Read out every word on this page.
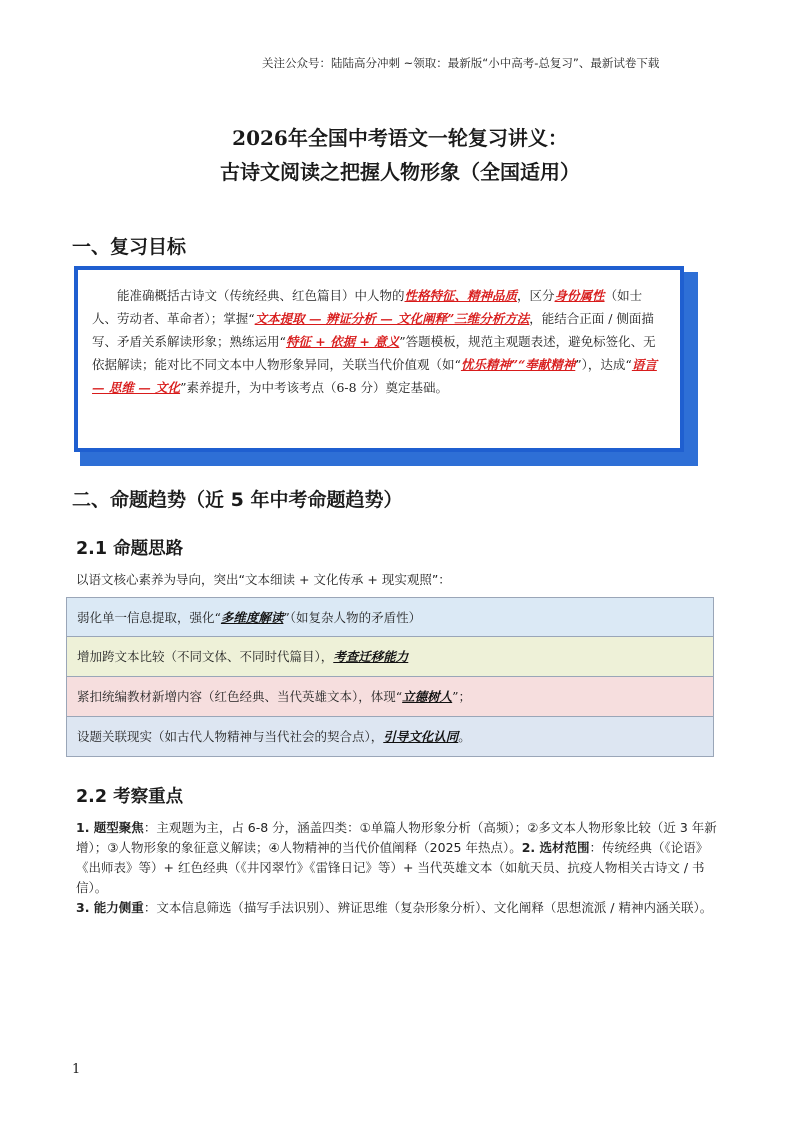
关注公众号：陆陆高分冲刺 ~领取：最新版“小中高考-总复习”、最新试卷下载
2026年全国中考语文一轮复习讲义：
古诗文阅读之把握人物形象（全国适用）
一、复习目标
能准确概括古诗文（传统经典、红色篇目）中人物的性格特征、精神品质，区分身份属性（如士人、劳动者、革命者）；掌握“文本提取 — 辨证分析 — 文化阐释”三维分析方法，能结合正面 / 侧面描写、矛盾关系解读形象；熟练运用“特征 + 依据 + 意义”答题模板，规范主观题表述，避免标签化、无依据解读；能对比不同文本中人物形象异同，关联当代价值观（如“忧乐精神”“奉献精神”），达成“语言 — 思维 — 文化”素养提升，为中考该考点（6-8 分）奠定基础。
二、命题趋势（近 5 年中考命题趋势）
2.1 命题思路
以语文核心素养为导向，突出“文本细读 + 文化传承 + 现实观照”：
弱化单一信息提取，强化“多维度解读”（如复杂人物的矛盾性）
增加跨文本比较（不同文体、不同时代篇目），考查迁移能力
紧扣统编教材新增内容（红色经典、当代英雄文本），体现“立德树人”；
设题关联现实（如古代人物精神与当代社会的契合点），引导文化认同。
2.2 考察重点

1. 题型聚焦：主观题为主，占 6-8 分，涵盖四类：①单篇人物形象分析（高频）；②多文本人物形象比较（近 3 年新增）；③人物形象的象征意义解读；④人物精神的当代价值阐释（2025 年热点）。2. 选材范围：传统经典（《论语》《出师表》等）+ 红色经典（《井冈翠竹》《雷锋日记》等）+ 当代英雄文本（如航天员、抗疫人物相关古诗文 / 书信）。

3. 能力侧重：文本信息筛选（描写手法识别）、辨证思维（复杂形象分析）、文化阐释（思想流派 / 精神内涵关联）。

1
